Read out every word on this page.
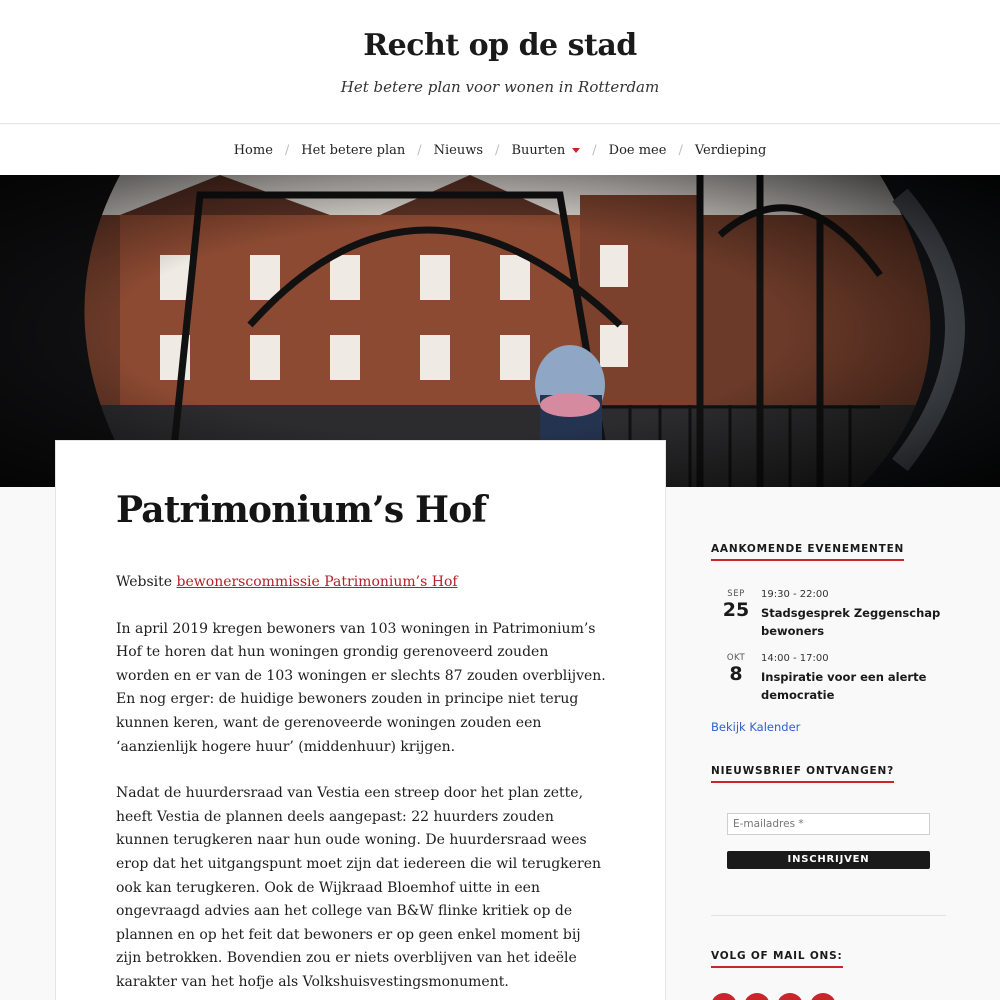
Recht op de stad
Het betere plan voor wonen in Rotterdam
Home / Het betere plan / Nieuws / Buurten / Doe mee / Verdieping
Patrimonium’s Hof

Website bewonerscommissie Patrimonium’s Hof

In april 2019 kregen bewoners van 103 woningen in Patrimonium’s Hof te horen dat hun woningen grondig gerenoveerd zouden worden en er van de 103 woningen er slechts 87 zouden overblijven. En nog erger: de huidige bewoners zouden in principe niet terug kunnen keren, want de gerenoveerde woningen zouden een ‘aanzienlijk hogere huur’ (middenhuur) krijgen.

Nadat de huurdersraad van Vestia een streep door het plan zette, heeft Vestia de plannen deels aangepast: 22 huurders zouden kunnen terugkeren naar hun oude woning. De huurdersraad wees erop dat het uitgangspunt moet zijn dat iedereen die wil terugkeren ook kan terugkeren. Ook de Wijkraad Bloemhof uitte in een ongevraagd advies aan het college van B&W flinke kritiek op de plannen en op het feit dat bewoners er op geen enkel moment bij zijn betrokken. Bovendien zou er niets overblijven van het ideële karakter van het hofje als Volkshuisvestingsmonument.

AANKOMENDE EVENEMENTEN
SEP
25
19:30 - 22:00
Stadsgesprek Zeggenschap bewoners
OKT
8
14:00 - 17:00
Inspiratie voor een alerte democratie
Bekijk Kalender
NIEUWSBRIEF ONTVANGEN?
E-mailadres *
INSCHRIJVEN
VOLG OF MAIL ONS:
